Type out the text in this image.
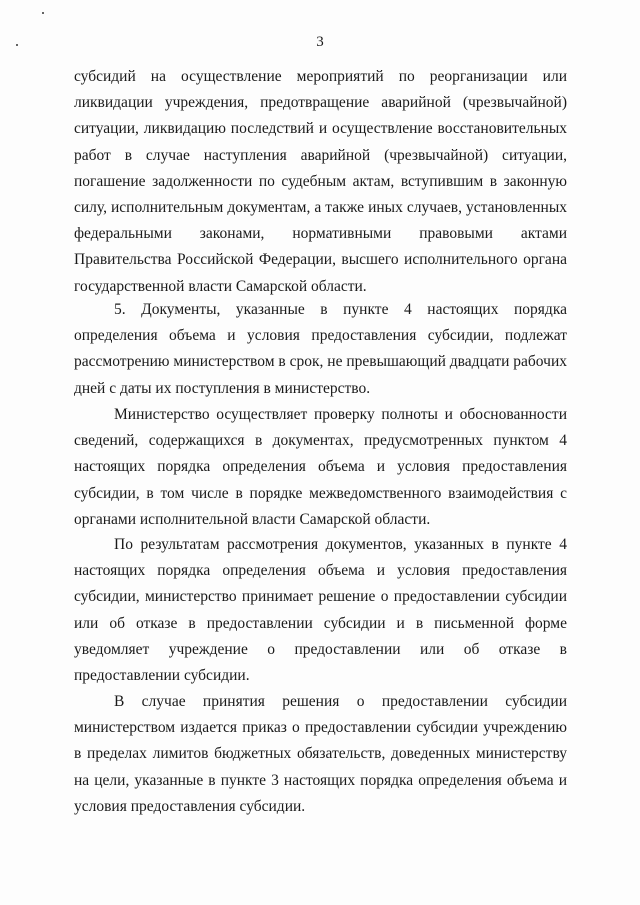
3

субсидий на осуществление мероприятий по реорганизации или ликвидации учреждения, предотвращение аварийной (чрезвычайной) ситуации, ликвидацию последствий и осуществление восстановительных работ в случае наступления аварийной (чрезвычайной) ситуации, погашение задолженности по судебным актам, вступившим в законную силу, исполнительным документам, а также иных случаев, установленных федеральными законами, нормативными правовыми актами Правительства Российской Федерации, высшего исполнительного органа государственной власти Самарской области.

5. Документы, указанные в пункте 4 настоящих порядка определения объема и условия предоставления субсидии, подлежат рассмотрению министерством в срок, не превышающий двадцати рабочих дней с даты их поступления в министерство.

Министерство осуществляет проверку полноты и обоснованности сведений, содержащихся в документах, предусмотренных пунктом 4 настоящих порядка определения объема и условия предоставления субсидии, в том числе в порядке межведомственного взаимодействия с органами исполнительной власти Самарской области.

По результатам рассмотрения документов, указанных в пункте 4 настоящих порядка определения объема и условия предоставления субсидии, министерство принимает решение о предоставлении субсидии или об отказе в предоставлении субсидии и в письменной форме уведомляет учреждение о предоставлении или об отказе в предоставлении субсидии.

В случае принятия решения о предоставлении субсидии министерством издается приказ о предоставлении субсидии учреждению в пределах лимитов бюджетных обязательств, доведенных министерству на цели, указанные в пункте 3 настоящих порядка определения объема и условия предоставления субсидии.
